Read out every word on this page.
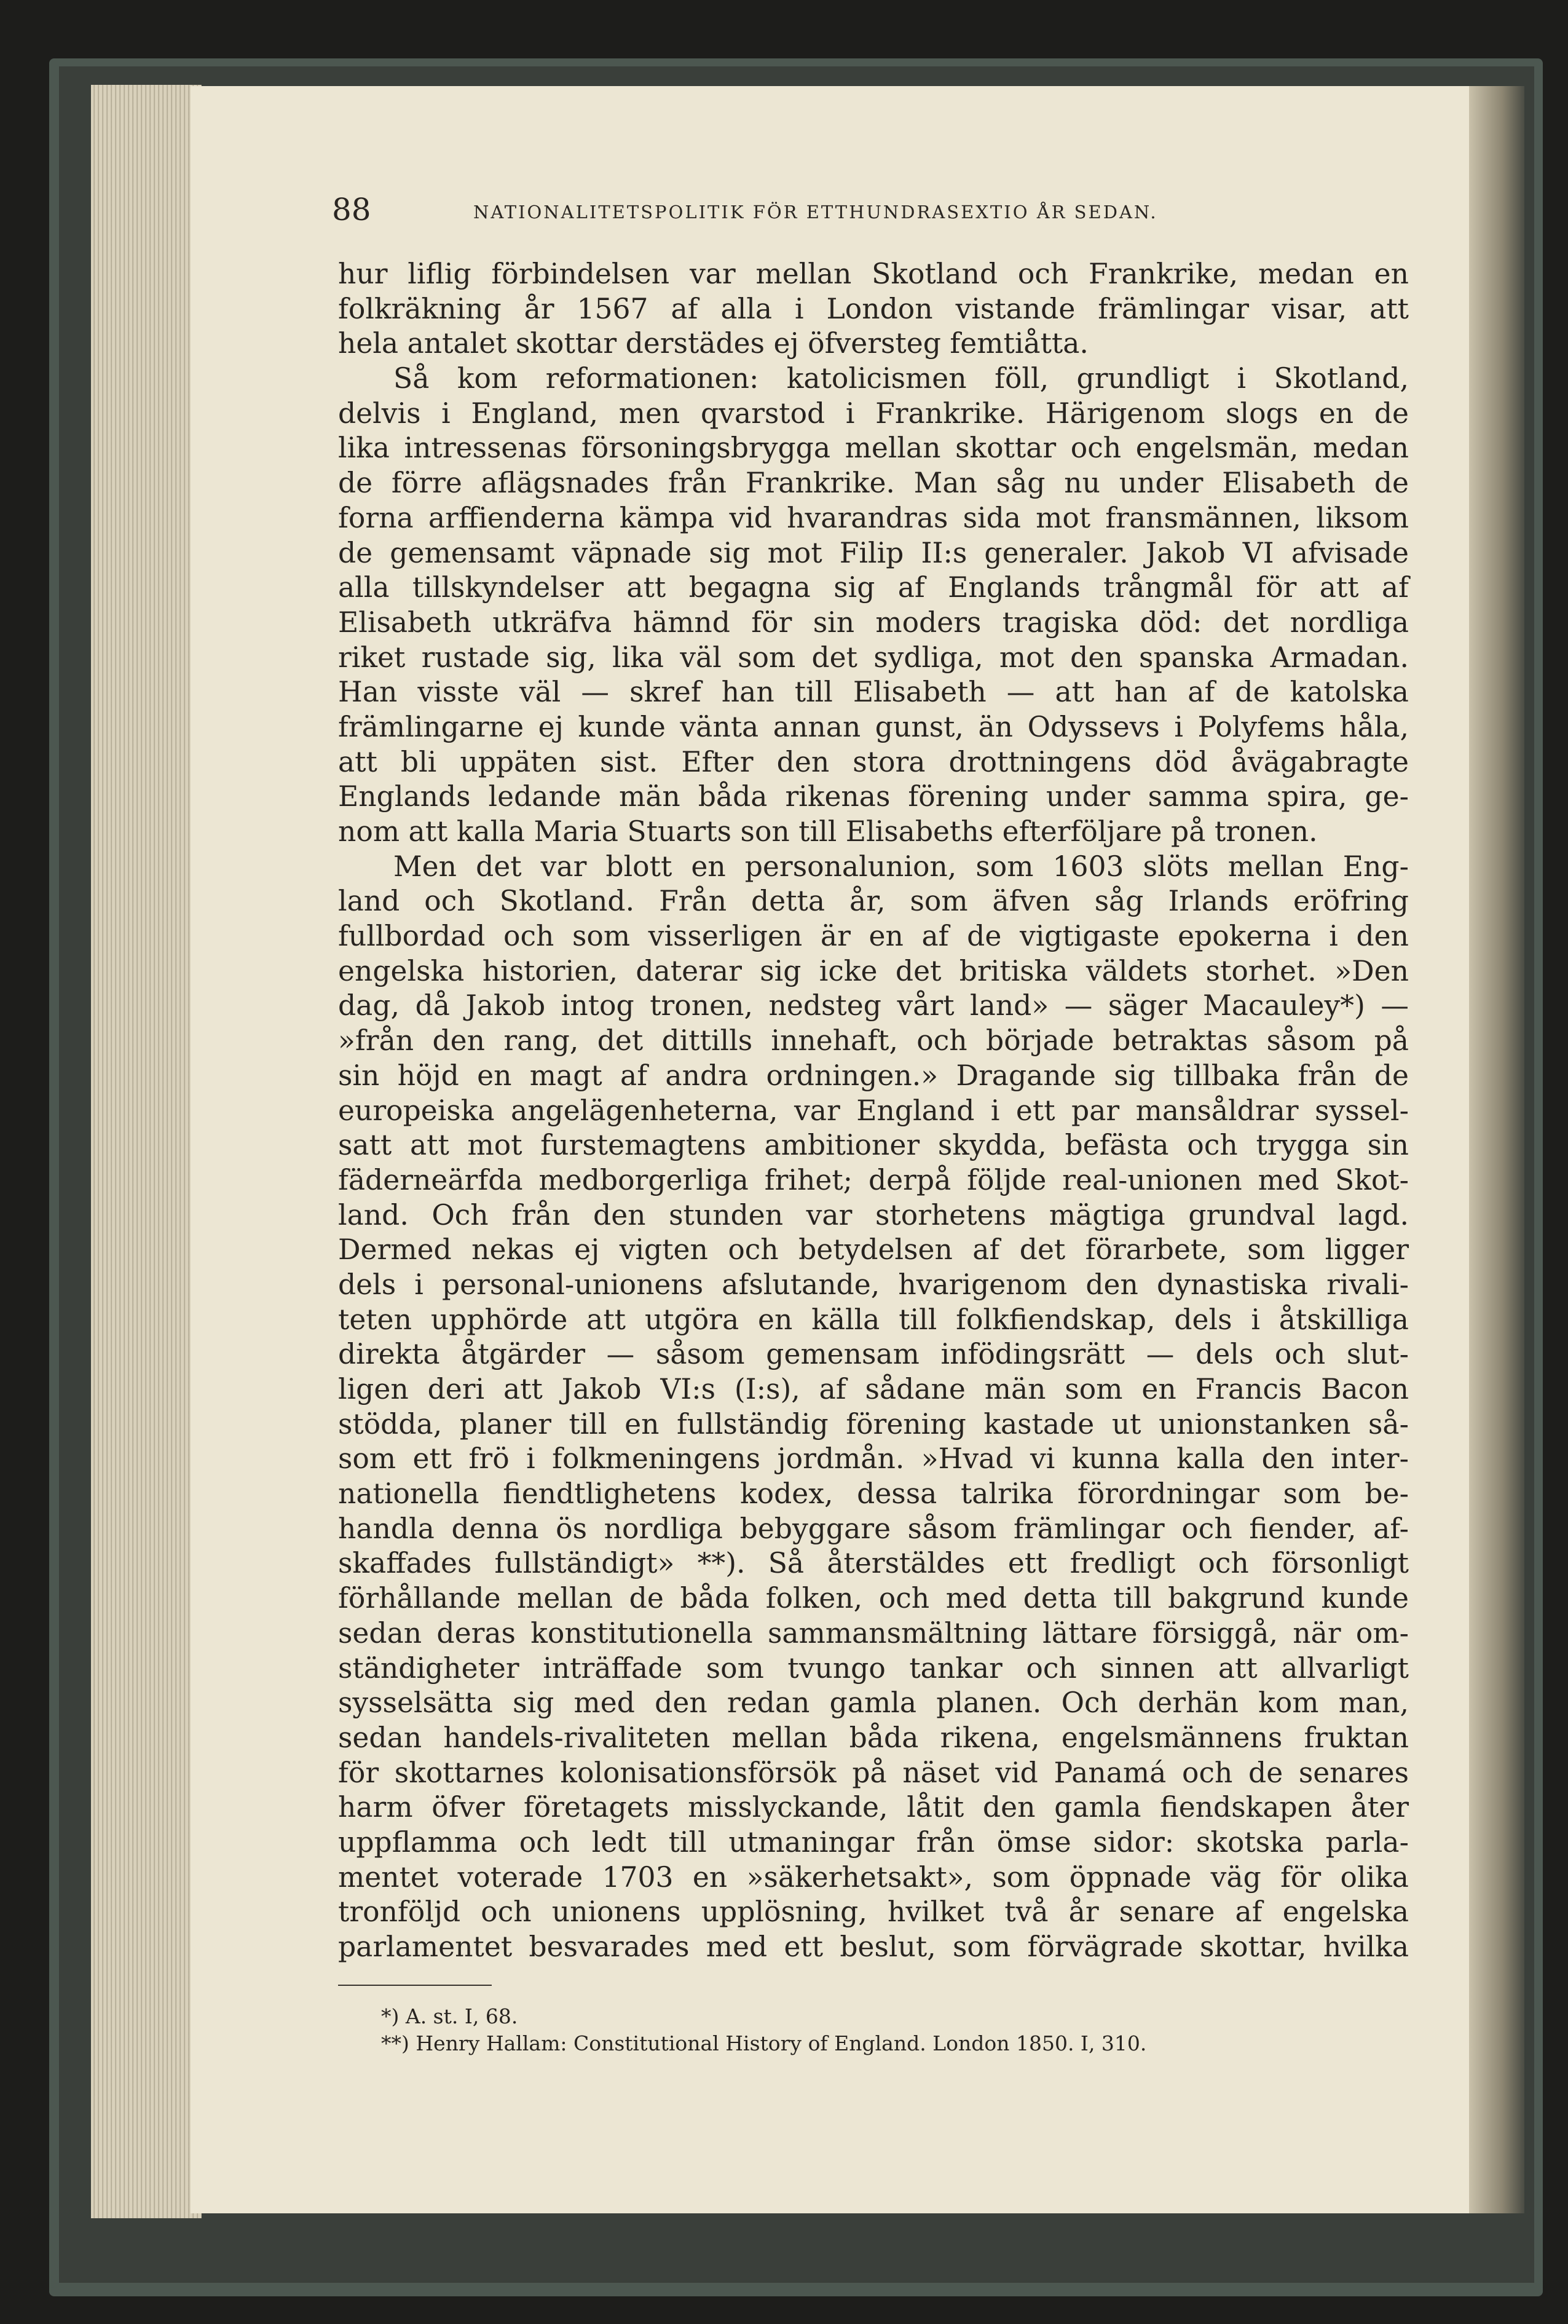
88	NATIONALITETSPOLITIK FÖR ETTHUNDRASEXTIO ÅR SEDAN.
hur liflig förbindelsen var mellan Skotland och Frankrike, medan en
folkräkning år 1567 af alla i London vistande främlingar visar, att
hela antalet skottar derstädes ej öfversteg femtiåtta.
Så kom reformationen: katolicismen föll, grundligt i Skotland,
delvis i England, men qvarstod i Frankrike. Härigenom slogs en de
lika intressenas försoningsbrygga mellan skottar och engelsmän, medan
de förre aflägsnades från Frankrike. Man såg nu under Elisabeth de
forna arffienderna kämpa vid hvarandras sida mot fransmännen, liksom
de gemensamt väpnade sig mot Filip II:s generaler. Jakob VI afvisade
alla tillskyndelser att begagna sig af Englands trångmål för att af
Elisabeth utkräfva hämnd för sin moders tragiska död: det nordliga
riket rustade sig, lika väl som det sydliga, mot den spanska Armadan.
Han visste väl — skref han till Elisabeth — att han af de katolska
främlingarne ej kunde vänta annan gunst, än Odyssevs i Polyfems håla,
att bli uppäten sist. Efter den stora drottningens död åvägabragte
Englands ledande män båda rikenas förening under samma spira, ge-
nom att kalla Maria Stuarts son till Elisabeths efterföljare på tronen.
Men det var blott en personalunion, som 1603 slöts mellan Eng-
land och Skotland. Från detta år, som äfven såg Irlands eröfring
fullbordad och som visserligen är en af de vigtigaste epokerna i den
engelska historien, daterar sig icke det britiska väldets storhet. »Den
dag, då Jakob intog tronen, nedsteg vårt land» — säger Macauley*) —
»från den rang, det dittills innehaft, och började betraktas såsom på
sin höjd en magt af andra ordningen.» Dragande sig tillbaka från de
europeiska angelägenheterna, var England i ett par mansåldrar syssel-
satt att mot furstemagtens ambitioner skydda, befästa och trygga sin
fäderneärfda medborgerliga frihet; derpå följde real-unionen med Skot-
land. Och från den stunden var storhetens mägtiga grundval lagd.
Dermed nekas ej vigten och betydelsen af det förarbete, som ligger
dels i personal-unionens afslutande, hvarigenom den dynastiska rivali-
teten upphörde att utgöra en källa till folkfiendskap, dels i åtskilliga
direkta åtgärder — såsom gemensam infödingsrätt — dels och slut-
ligen deri att Jakob VI:s (I:s), af sådane män som en Francis Bacon
stödda, planer till en fullständig förening kastade ut unionstanken så-
som ett frö i folkmeningens jordmån. »Hvad vi kunna kalla den inter-
nationella fiendtlighetens kodex, dessa talrika förordningar som be-
handla denna ös nordliga bebyggare såsom främlingar och fiender, af-
skaffades fullständigt» **). Så återstäldes ett fredligt och försonligt
förhållande mellan de båda folken, och med detta till bakgrund kunde
sedan deras konstitutionella sammansmältning lättare försiggå, när om-
ständigheter inträffade som tvungo tankar och sinnen att allvarligt
sysselsätta sig med den redan gamla planen. Och derhän kom man,
sedan handels-rivaliteten mellan båda rikena, engelsmännens fruktan
för skottarnes kolonisationsförsök på näset vid Panamá och de senares
harm öfver företagets misslyckande, låtit den gamla fiendskapen åter
uppflamma och ledt till utmaningar från ömse sidor: skotska parla-
mentet voterade 1703 en »säkerhetsakt», som öppnade väg för olika
tronföljd och unionens upplösning, hvilket två år senare af engelska
parlamentet besvarades med ett beslut, som förvägrade skottar, hvilka
*) A. st. I, 68.
**) Henry Hallam: Constitutional History of England. London 1850. I, 310.
